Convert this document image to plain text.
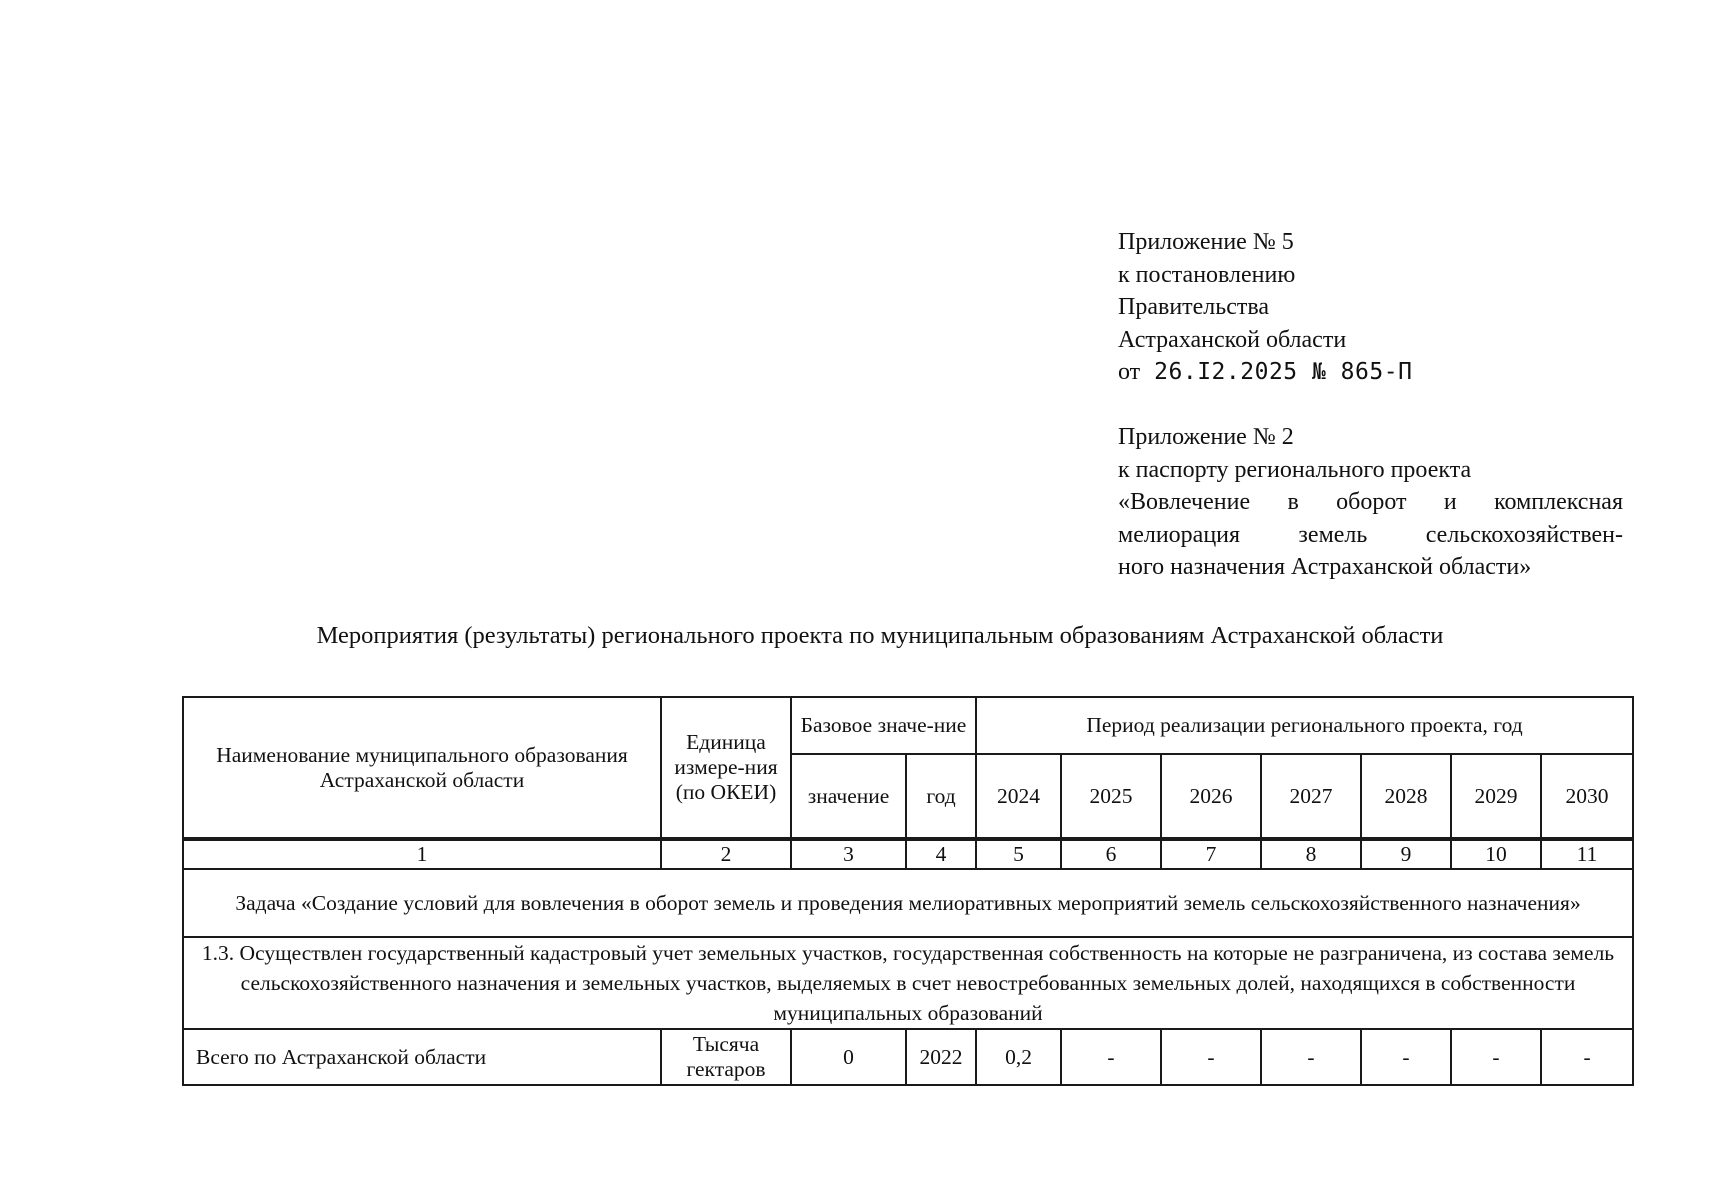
Приложение № 5
к постановлению
Правительства
Астраханской области
от 26.I2.2025 № 865-П
Приложение № 2
к паспорту регионального проекта
«Вовлечение в оборот и комплексная
мелиорация земель сельскохозяйствен-
ного назначения Астраханской области»
Мероприятия (результаты) регионального проекта по муниципальным образованиям Астраханской области
Наименование муниципального образования Астраханской области	Единица измере-ния (по ОКЕИ)	Базовое значе-ние		Период реализации регионального проекта, год						
		значение	год	2024	2025	2026	2027	2028	2029	2030
1	2	3	4	5	6	7	8	9	10	11
Задача «Создание условий для вовлечения в оборот земель и проведения мелиоративных мероприятий земель сельскохозяйственного назначения»										
1.3. Осуществлен государственный кадастровый учет земельных участков, государственная собственность на которые не разграничена, из состава земель сельскохозяйственного назначения и земельных участков, выделяемых в счет невостребованных земельных долей, находящихся в собственности муниципальных образований										
Всего по Астраханской области	Тысяча гектаров	0	2022	0,2	-	-	-	-	-	-
